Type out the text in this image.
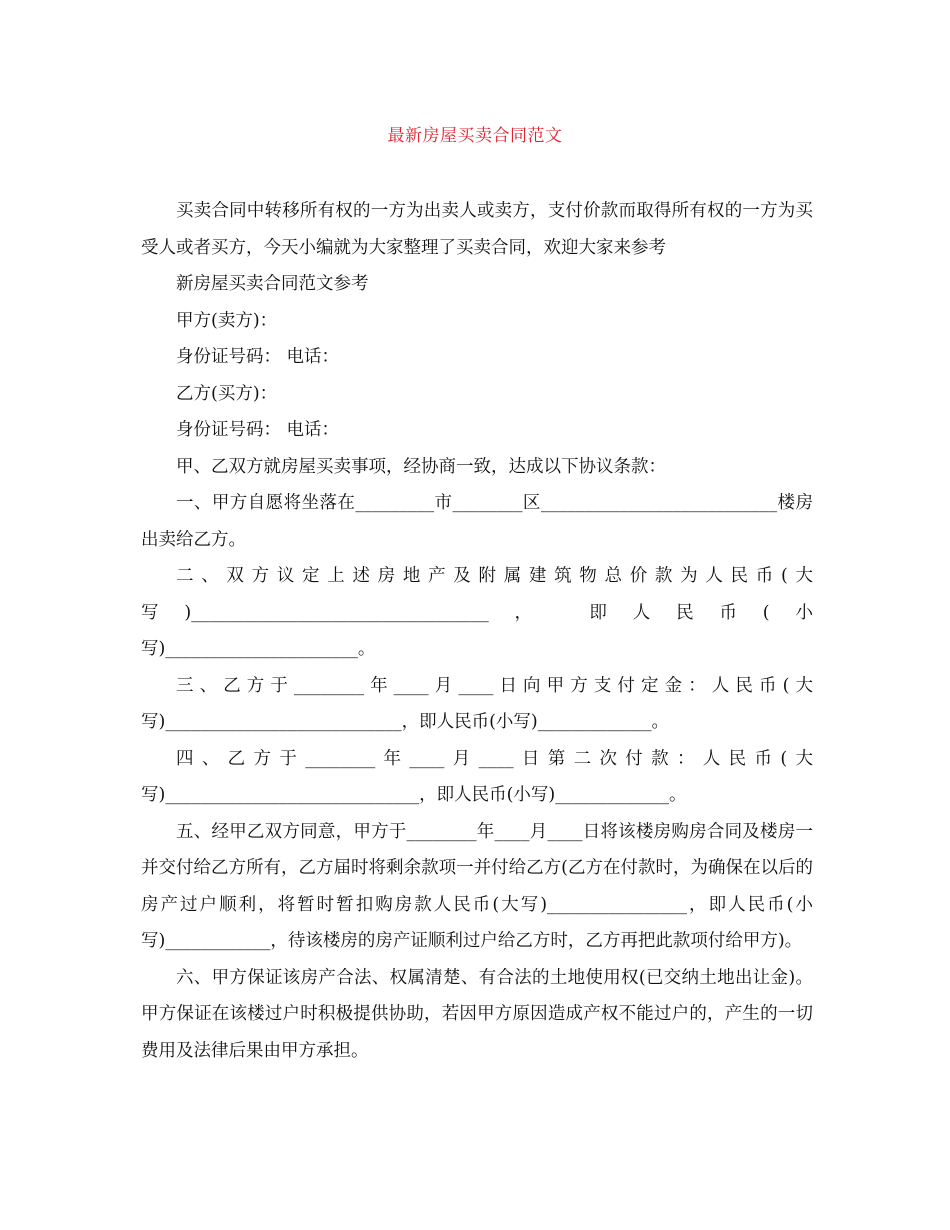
最新房屋买卖合同范文

买卖合同中转移所有权的一方为出卖人或卖方，支付价款而取得所有权的一方为买受人或者买方，今天小编就为大家整理了买卖合同，欢迎大家来参考

新房屋买卖合同范文参考

甲方(卖方)：

身份证号码： 电话：

乙方(买方)：

身份证号码： 电话：

甲、乙双方就房屋买卖事项，经协商一致，达成以下协议条款：

一、甲方自愿将坐落在_________市________区___________________________楼房出卖给乙方。

二、双方议定上述房地产及附属建筑物总价款为人民币(大写)__________________________________， 即人民币(小写)______________________。

三、乙方于________年____月____日向甲方支付定金：人民币(大写)___________________________，即人民币(小写)_____________。

四、乙方于________年____月____日第二次付款：人民币(大写)_____________________________，即人民币(小写)_____________。

五、经甲乙双方同意，甲方于________年____月____日将该楼房购房合同及楼房一并交付给乙方所有，乙方届时将剩余款项一并付给乙方(乙方在付款时，为确保在以后的房产过户顺利，将暂时暂扣购房款人民币(大写)________________，即人民币(小写)____________，待该楼房的房产证顺利过户给乙方时，乙方再把此款项付给甲方)。

六、甲方保证该房产合法、权属清楚、有合法的土地使用权(已交纳土地出让金)。甲方保证在该楼过户时积极提供协助，若因甲方原因造成产权不能过户的，产生的一切费用及法律后果由甲方承担。
